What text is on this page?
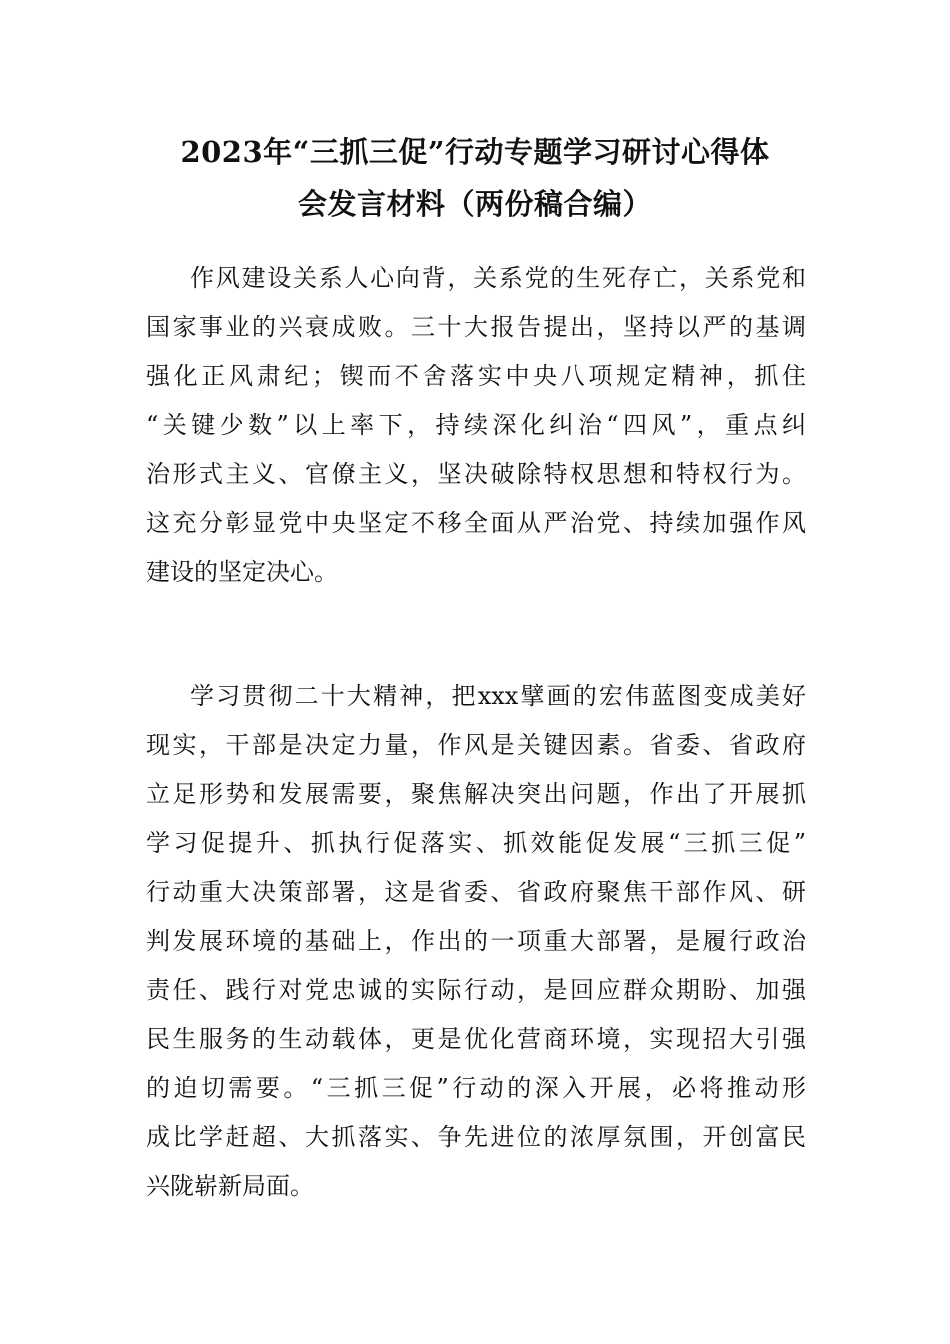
2023年“三抓三促”行动专题学习研讨心得体
会发言材料（两份稿合编）
作风建设关系人心向背，关系党的生死存亡，关系党和
国家事业的兴衰成败。三十大报告提出，坚持以严的基调
强化正风肃纪；锲而不舍落实中央八项规定精神，抓住
“关键少数”以上率下，持续深化纠治“四风”，重点纠
治形式主义、官僚主义，坚决破除特权思想和特权行为。
这充分彰显党中央坚定不移全面从严治党、持续加强作风
建设的坚定决心。
学习贯彻二十大精神，把xxx擘画的宏伟蓝图变成美好
现实，干部是决定力量，作风是关键因素。省委、省政府
立足形势和发展需要，聚焦解决突出问题，作出了开展抓
学习促提升、抓执行促落实、抓效能促发展“三抓三促”
行动重大决策部署，这是省委、省政府聚焦干部作风、研
判发展环境的基础上，作出的一项重大部署，是履行政治
责任、践行对党忠诚的实际行动，是回应群众期盼、加强
民生服务的生动载体，更是优化营商环境，实现招大引强
的迫切需要。“三抓三促”行动的深入开展，必将推动形
成比学赶超、大抓落实、争先进位的浓厚氛围，开创富民
兴陇崭新局面。
